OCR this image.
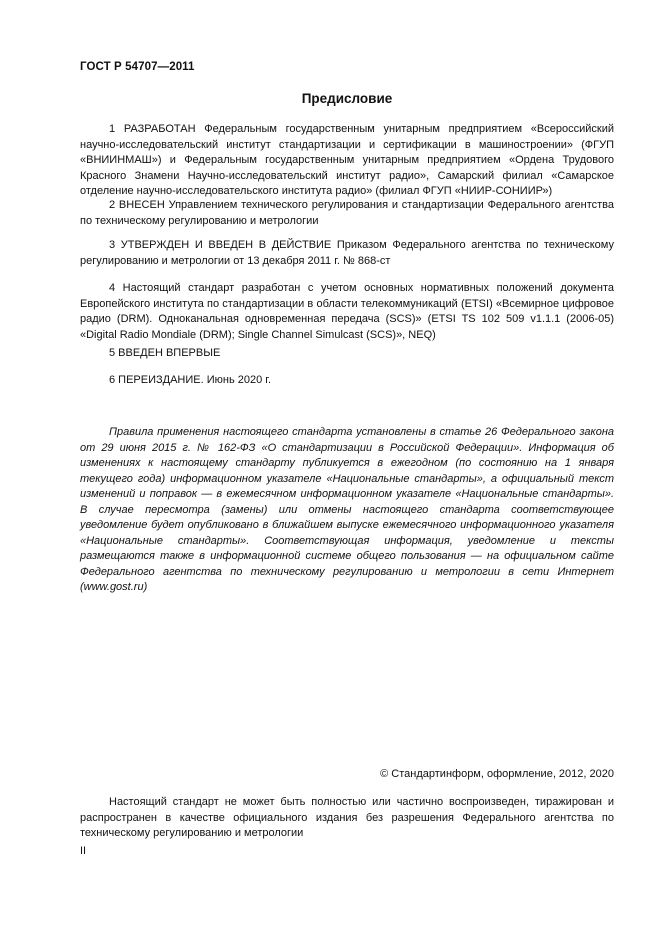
ГОСТ Р 54707—2011
Предисловие

1 РАЗРАБОТАН Федеральным государственным унитарным предприятием «Всероссийский научно-исследовательский институт стандартизации и сертификации в машиностроении» (ФГУП «ВНИИНМАШ») и Федеральным государственным унитарным предприятием «Ордена Трудового Красного Знамени Научно-исследовательский институт радио», Самарский филиал «Самарское отделение научно-исследовательского института радио» (филиал ФГУП «НИИР-СОНИИР»)

2 ВНЕСЕН Управлением технического регулирования и стандартизации Федерального агентства по техническому регулированию и метрологии

3 УТВЕРЖДЕН И ВВЕДЕН В ДЕЙСТВИЕ Приказом Федерального агентства по техническому регулированию и метрологии от 13 декабря 2011 г. № 868-ст

4 Настоящий стандарт разработан с учетом основных нормативных положений документа Европейского института по стандартизации в области телекоммуникаций (ETSI) «Всемирное цифровое радио (DRM). Одноканальная одновременная передача (SCS)» (ETSI TS 102 509 v1.1.1 (2006-05) «Digital Radio Mondiale (DRM); Single Channel Simulcast (SCS)», NEQ)

5 ВВЕДЕН ВПЕРВЫЕ

6 ПЕРЕИЗДАНИЕ. Июнь 2020 г.

Правила применения настоящего стандарта установлены в статье 26 Федерального закона от 29 июня 2015 г. № 162-ФЗ «О стандартизации в Российской Федерации». Информация об изменениях к настоящему стандарту публикуется в ежегодном (по состоянию на 1 января текущего года) информационном указателе «Национальные стандарты», а официальный текст изменений и поправок — в ежемесячном информационном указателе «Национальные стандарты». В случае пересмотра (замены) или отмены настоящего стандарта соответствующее уведомление будет опубликовано в ближайшем выпуске ежемесячного информационного указателя «Национальные стандарты». Соответствующая информация, уведомление и тексты размещаются также в информационной системе общего пользования — на официальном сайте Федерального агентства по техническому регулированию и метрологии в сети Интернет (www.gost.ru)

© Стандартинформ, оформление, 2012, 2020

Настоящий стандарт не может быть полностью или частично воспроизведен, тиражирован и распространен в качестве официального издания без разрешения Федерального агентства по техническому регулированию и метрологии

II
